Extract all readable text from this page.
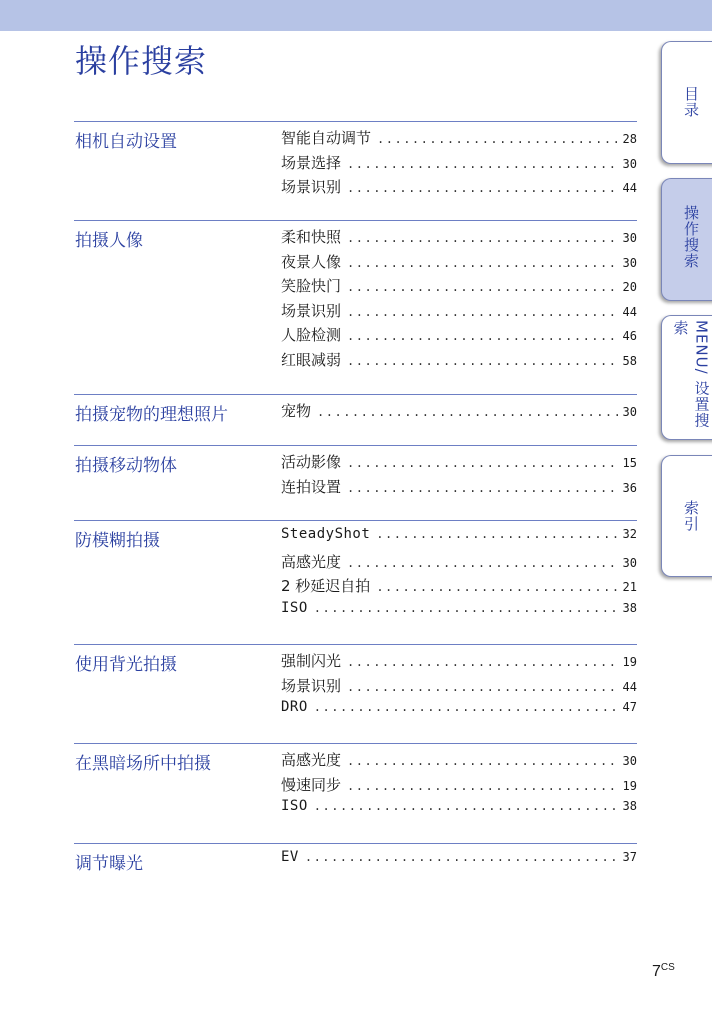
操作搜索
相机自动设置	智能自动调节 .....	28
场景选择 .....	30
场景识别 .....	44
拍摄人像	柔和快照 .....	30
夜景人像 .....	30
笑脸快门 .....	20
场景识别 .....	44
人脸检测 .....	46
红眼减弱 .....	58
拍摄宠物的理想照片	宠物 .....	30
拍摄移动物体	活动影像 .....	15
连拍设置 .....	36
防模糊拍摄	SteadyShot .....	32
高感光度 .....	30
2 秒延迟自拍 .....	21
ISO .....	38
使用背光拍摄	强制闪光 .....	19
场景识别 .....	44
DRO .....	47
在黑暗场所中拍摄	高感光度 .....	30
慢速同步 .....	19
ISO .....	38
调节曝光	EV .....	37
目录
操作搜索
MENU/ 设置搜索
索引
$7^{CS}$
